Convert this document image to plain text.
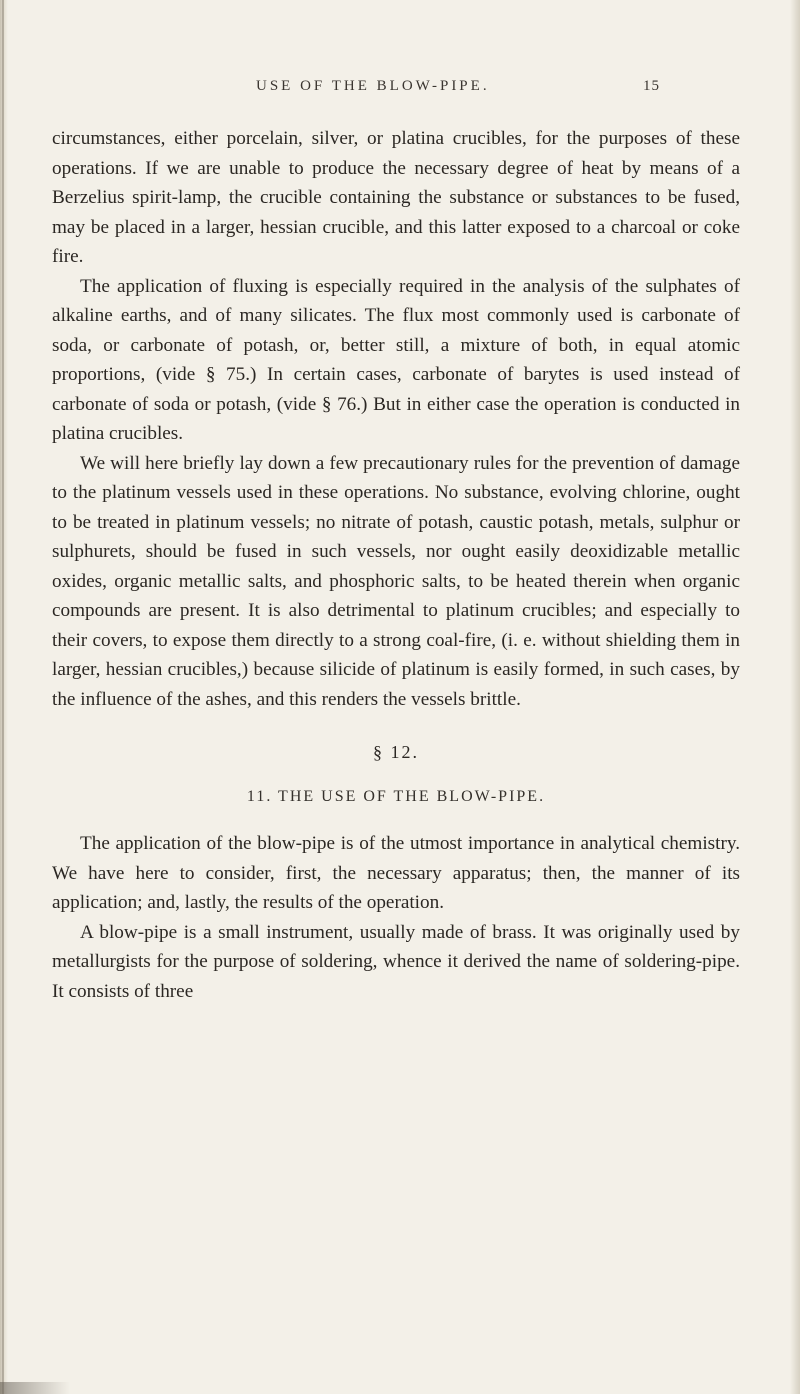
USE OF THE BLOW-PIPE.	15

circumstances, either porcelain, silver, or platina crucibles, for the purposes of these operations. If we are unable to produce the necessary degree of heat by means of a Berzelius spirit-lamp, the crucible containing the substance or substances to be fused, may be placed in a larger, hessian crucible, and this latter exposed to a charcoal or coke fire.

The application of fluxing is especially required in the analysis of the sulphates of alkaline earths, and of many silicates. The flux most commonly used is carbonate of soda, or carbonate of potash, or, better still, a mixture of both, in equal atomic proportions, (vide § 75.) In certain cases, carbonate of barytes is used instead of carbonate of soda or potash, (vide § 76.) But in either case the operation is conducted in platina crucibles.

We will here briefly lay down a few precautionary rules for the prevention of damage to the platinum vessels used in these operations. No substance, evolving chlorine, ought to be treated in platinum vessels; no nitrate of potash, caustic potash, metals, sulphur or sulphurets, should be fused in such vessels, nor ought easily deoxidizable metallic oxides, organic metallic salts, and phosphoric salts, to be heated therein when organic compounds are present. It is also detrimental to platinum crucibles; and especially to their covers, to expose them directly to a strong coal-fire, (i. e. without shielding them in larger, hessian crucibles,) because silicide of platinum is easily formed, in such cases, by the influence of the ashes, and this renders the vessels brittle.

§ 12.

11. THE USE OF THE BLOW-PIPE.

The application of the blow-pipe is of the utmost importance in analytical chemistry. We have here to consider, first, the necessary apparatus; then, the manner of its application; and, lastly, the results of the operation.

A blow-pipe is a small instrument, usually made of brass. It was originally used by metallurgists for the purpose of soldering, whence it derived the name of soldering-pipe. It consists of three
